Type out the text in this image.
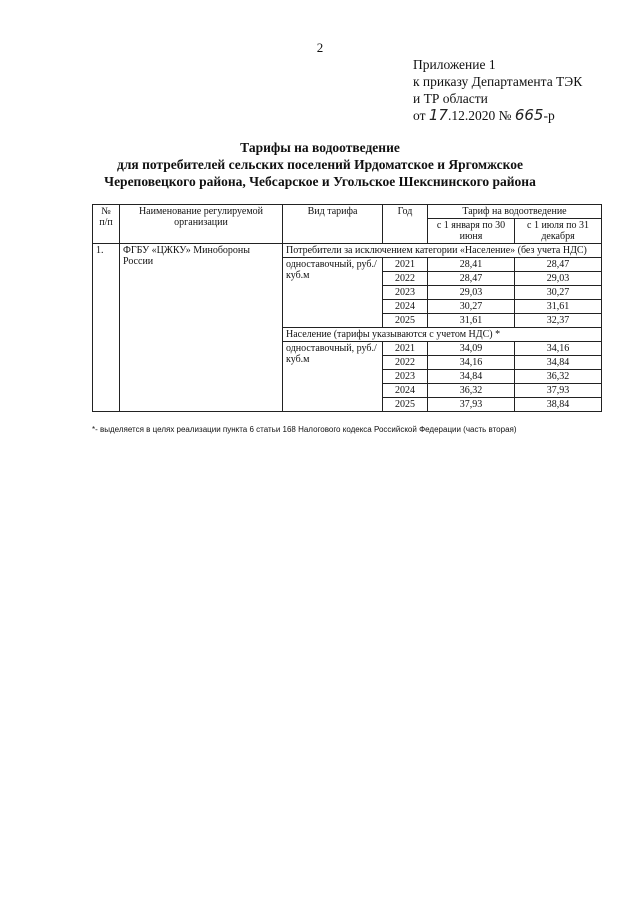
2
Приложение 1
к приказу Департамента ТЭК
и ТР области
от 17.12.2020 № 665-р
Тарифы на водоотведение
для потребителей сельских поселений Ирдоматское и Яргомжское
Череповецкого района, Чебсарское и Угольское Шекснинского района
№ п/п	Наименование регулируемой организации	Вид тарифа	Год	Тариф на водоотведение	
				с 1 января по 30 июня	с 1 июля по 31 декабря
1.	ФГБУ «ЦЖКУ» Минобороны России	Потребители за исключением категории «Население» (без учета НДС)			
		одноставочный, руб./куб.м	2021	28,41	28,47
			2022	28,47	29,03
			2023	29,03	30,27
			2024	30,27	31,61
			2025	31,61	32,37
		Население (тарифы указываются с учетом НДС) *			
		одноставочный, руб./куб.м	2021	34,09	34,16
			2022	34,16	34,84
			2023	34,84	36,32
			2024	36,32	37,93
			2025	37,93	38,84
*- выделяется в целях реализации пункта 6 статьи 168 Налогового кодекса Российской Федерации (часть вторая)
